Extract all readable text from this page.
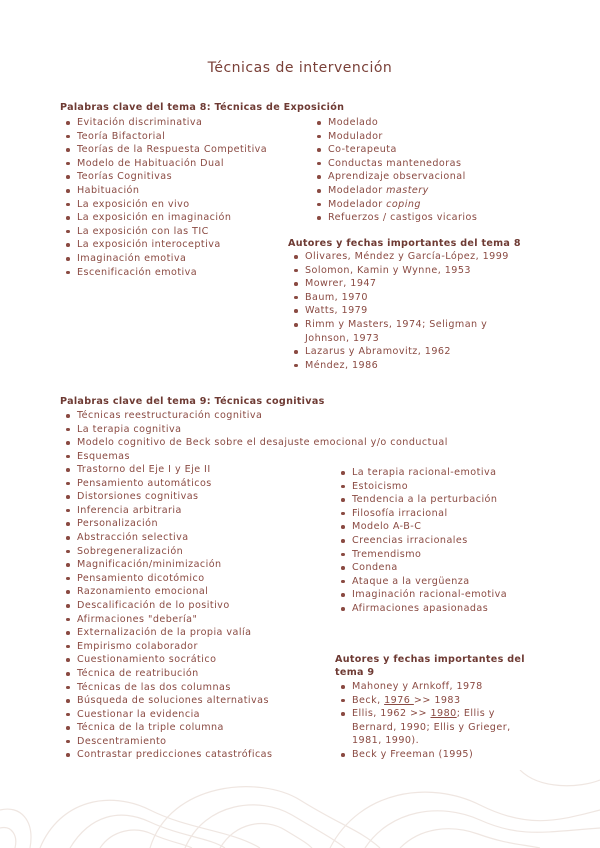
Técnicas de intervención
Palabras clave del tema 8: Técnicas de Exposición
Evitación discriminativa
Teoría Bifactorial
Teorías de la Respuesta Competitiva
Modelo de Habituación Dual
Teorías Cognitivas
Habituación
La exposición en vivo
La exposición en imaginación
La exposición con las TIC
La exposición interoceptiva
Imaginación emotiva
Escenificación emotiva
Modelado
Modulador
Co-terapeuta
Conductas mantenedoras
Aprendizaje observacional
Modelador mastery
Modelador coping
Refuerzos / castigos vicarios
Autores y fechas importantes del tema 8
Olivares, Méndez y García-López, 1999
Solomon, Kamin y Wynne, 1953
Mowrer, 1947
Baum, 1970
Watts, 1979
Rimm y Masters, 1974; Seligman y Johnson, 1973
Lazarus y Abramovitz, 1962
Méndez, 1986
Palabras clave del tema 9: Técnicas cognitivas
Técnicas reestructuración cognitiva
La terapia cognitiva
Modelo cognitivo de Beck sobre el desajuste emocional y/o conductual
Esquemas
Trastorno del Eje I y Eje II
Pensamiento automáticos
Distorsiones cognitivas
Inferencia arbitraria
Personalización
Abstracción selectiva
Sobregeneralización
Magnificación/minimización
Pensamiento dicotómico
Razonamiento emocional
Descalificación de lo positivo
Afirmaciones "debería"
Externalización de la propia valía
Empirismo colaborador
Cuestionamiento socrático
Técnica de reatribución
Técnicas de las dos columnas
Búsqueda de soluciones alternativas
Cuestionar la evidencia
Técnica de la triple columna
Descentramiento
Contrastar predicciones catastróficas
La terapia racional-emotiva
Estoicismo
Tendencia a la perturbación
Filosofía irracional
Modelo A-B-C
Creencias irracionales
Tremendismo
Condena
Ataque a la vergüenza
Imaginación racional-emotiva
Afirmaciones apasionadas
Autores y fechas importantes del tema 9
Mahoney y Arnkoff, 1978
Beck, 1976 >> 1983
Ellis, 1962 >> 1980; Ellis y Bernard, 1990; Ellis y Grieger, 1981, 1990).
Beck y Freeman (1995)
